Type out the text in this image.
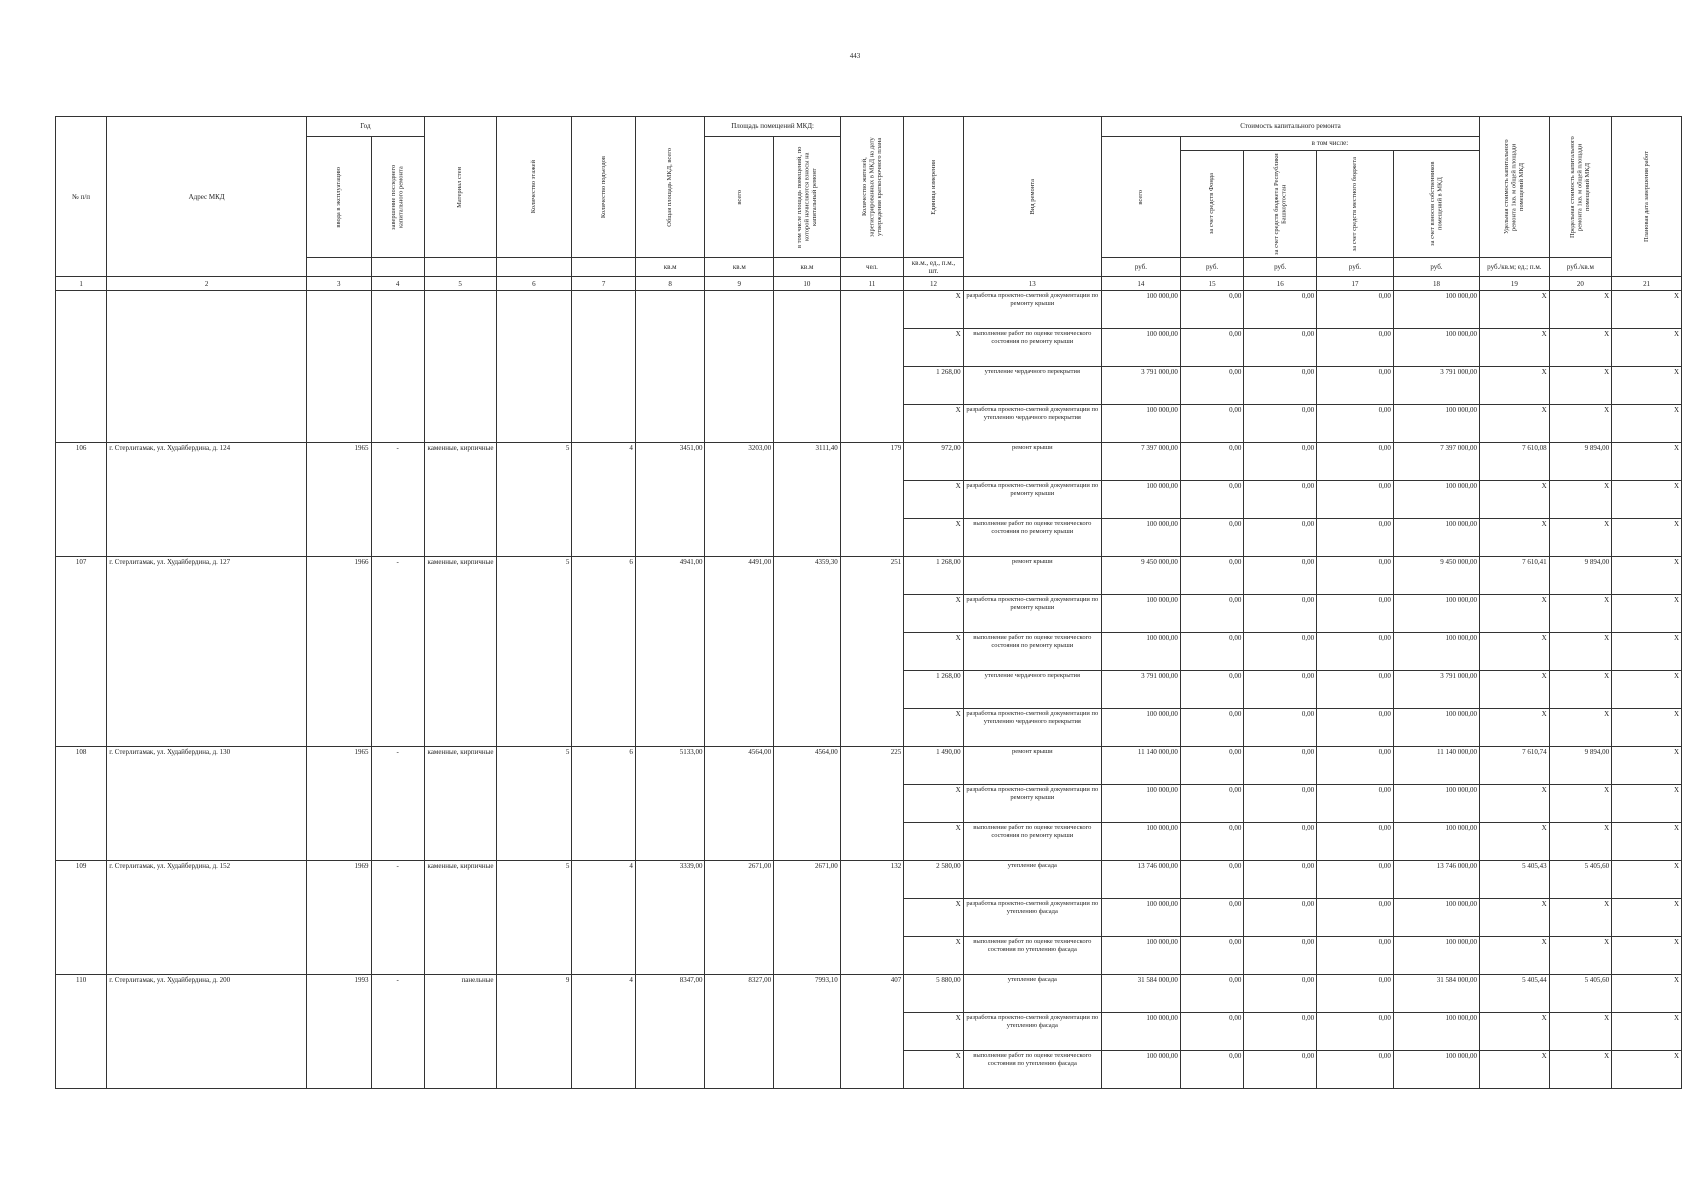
443
№ п/п	Адрес МКД	Год		Материал стен	Количество этажей	Количество подъездов	Общая площадь МКД, всего	Площадь помещений МКД:		Количество жителей, зарегистрированных в МКД на дату утверждения краткосрочного плана	Единица измерения	Вид ремонта	Стоимость капитального ремонта					Удельная стоимость капитального ремонта 1кв. м общей площади помещений МКД	Предельная стоимость капитального ремонта 1кв. м общей площади помещений МКД	Плановая дата завершения работ

		ввода в эксплуатацию	завершение последнего капитального ремонта					всего	в том числе площадь помещений, по которой начисляются взносы на капитальный ремонт				всего	в том числе:						

														за счет средств Фонда	за счет средств бюджета Республики Башкортостан	за счет средств местного бюджета	за счет взносов собственников помещений в МКД			

							кв.м	кв.м	кв.м	чел.	кв.м., ед., п.м., шт.		руб.	руб.	руб.	руб.	руб.	руб./кв.м; ед.; п.м.	руб./кв.м	
1	2	3	4	5	6	7	8	9	10	11	12	13	14	15	16	17	18	19	20	21
											X	разработка проектно-сметной документации по ремонту крыши	100 000,00	0,00	0,00	0,00	100 000,00	X	X	X
											X	выполнение работ по оценке технического состояния по ремонту крыши	100 000,00	0,00	0,00	0,00	100 000,00	X	X	X
											1 268,00	утепление чердачного перекрытия	3 791 000,00	0,00	0,00	0,00	3 791 000,00	X	X	X
											X	разработка проектно-сметной документации по утеплению чердачного перекрытия	100 000,00	0,00	0,00	0,00	100 000,00	X	X	X
106	г. Стерлитамак, ул. Худайбердина, д. 124	1965	-	каменные, кирпичные	5	4	3451,00	3203,00	3111,40	179	972,00	ремонт крыши	7 397 000,00	0,00	0,00	0,00	7 397 000,00	7 610,08	9 894,00	X
											X	разработка проектно-сметной документации по ремонту крыши	100 000,00	0,00	0,00	0,00	100 000,00	X	X	X
											X	выполнение работ по оценке технического состояния по ремонту крыши	100 000,00	0,00	0,00	0,00	100 000,00	X	X	X
107	г. Стерлитамак, ул. Худайбердина, д. 127	1966	-	каменные, кирпичные	5	6	4941,00	4491,00	4359,30	251	1 268,00	ремонт крыши	9 450 000,00	0,00	0,00	0,00	9 450 000,00	7 610,41	9 894,00	X
											X	разработка проектно-сметной документации по ремонту крыши	100 000,00	0,00	0,00	0,00	100 000,00	X	X	X
											X	выполнение работ по оценке технического состояния по ремонту крыши	100 000,00	0,00	0,00	0,00	100 000,00	X	X	X
											1 268,00	утепление чердачного перекрытия	3 791 000,00	0,00	0,00	0,00	3 791 000,00	X	X	X
											X	разработка проектно-сметной документации по утеплению чердачного перекрытия	100 000,00	0,00	0,00	0,00	100 000,00	X	X	X
108	г. Стерлитамак, ул. Худайбердина, д. 130	1965	-	каменные, кирпичные	5	6	5133,00	4564,00	4564,00	225	1 490,00	ремонт крыши	11 140 000,00	0,00	0,00	0,00	11 140 000,00	7 610,74	9 894,00	X
											X	разработка проектно-сметной документации по ремонту крыши	100 000,00	0,00	0,00	0,00	100 000,00	X	X	X
											X	выполнение работ по оценке технического состояния по ремонту крыши	100 000,00	0,00	0,00	0,00	100 000,00	X	X	X
109	г. Стерлитамак, ул. Худайбердина, д. 152	1969	-	каменные, кирпичные	5	4	3339,00	2671,00	2671,00	132	2 580,00	утепление фасада	13 746 000,00	0,00	0,00	0,00	13 746 000,00	5 405,43	5 405,60	X
											X	разработка проектно-сметной документации по утеплению фасада	100 000,00	0,00	0,00	0,00	100 000,00	X	X	X
											X	выполнение работ по оценке технического состояния по утеплению фасада	100 000,00	0,00	0,00	0,00	100 000,00	X	X	X
110	г. Стерлитамак, ул. Худайбердина, д. 200	1993	-	панельные	9	4	8347,00	8327,00	7993,10	407	5 880,00	утепление фасада	31 584 000,00	0,00	0,00	0,00	31 584 000,00	5 405,44	5 405,60	X
											X	разработка проектно-сметной документации по утеплению фасада	100 000,00	0,00	0,00	0,00	100 000,00	X	X	X
											X	выполнение работ по оценке технического состояния по утеплению фасада	100 000,00	0,00	0,00	0,00	100 000,00	X	X	X
